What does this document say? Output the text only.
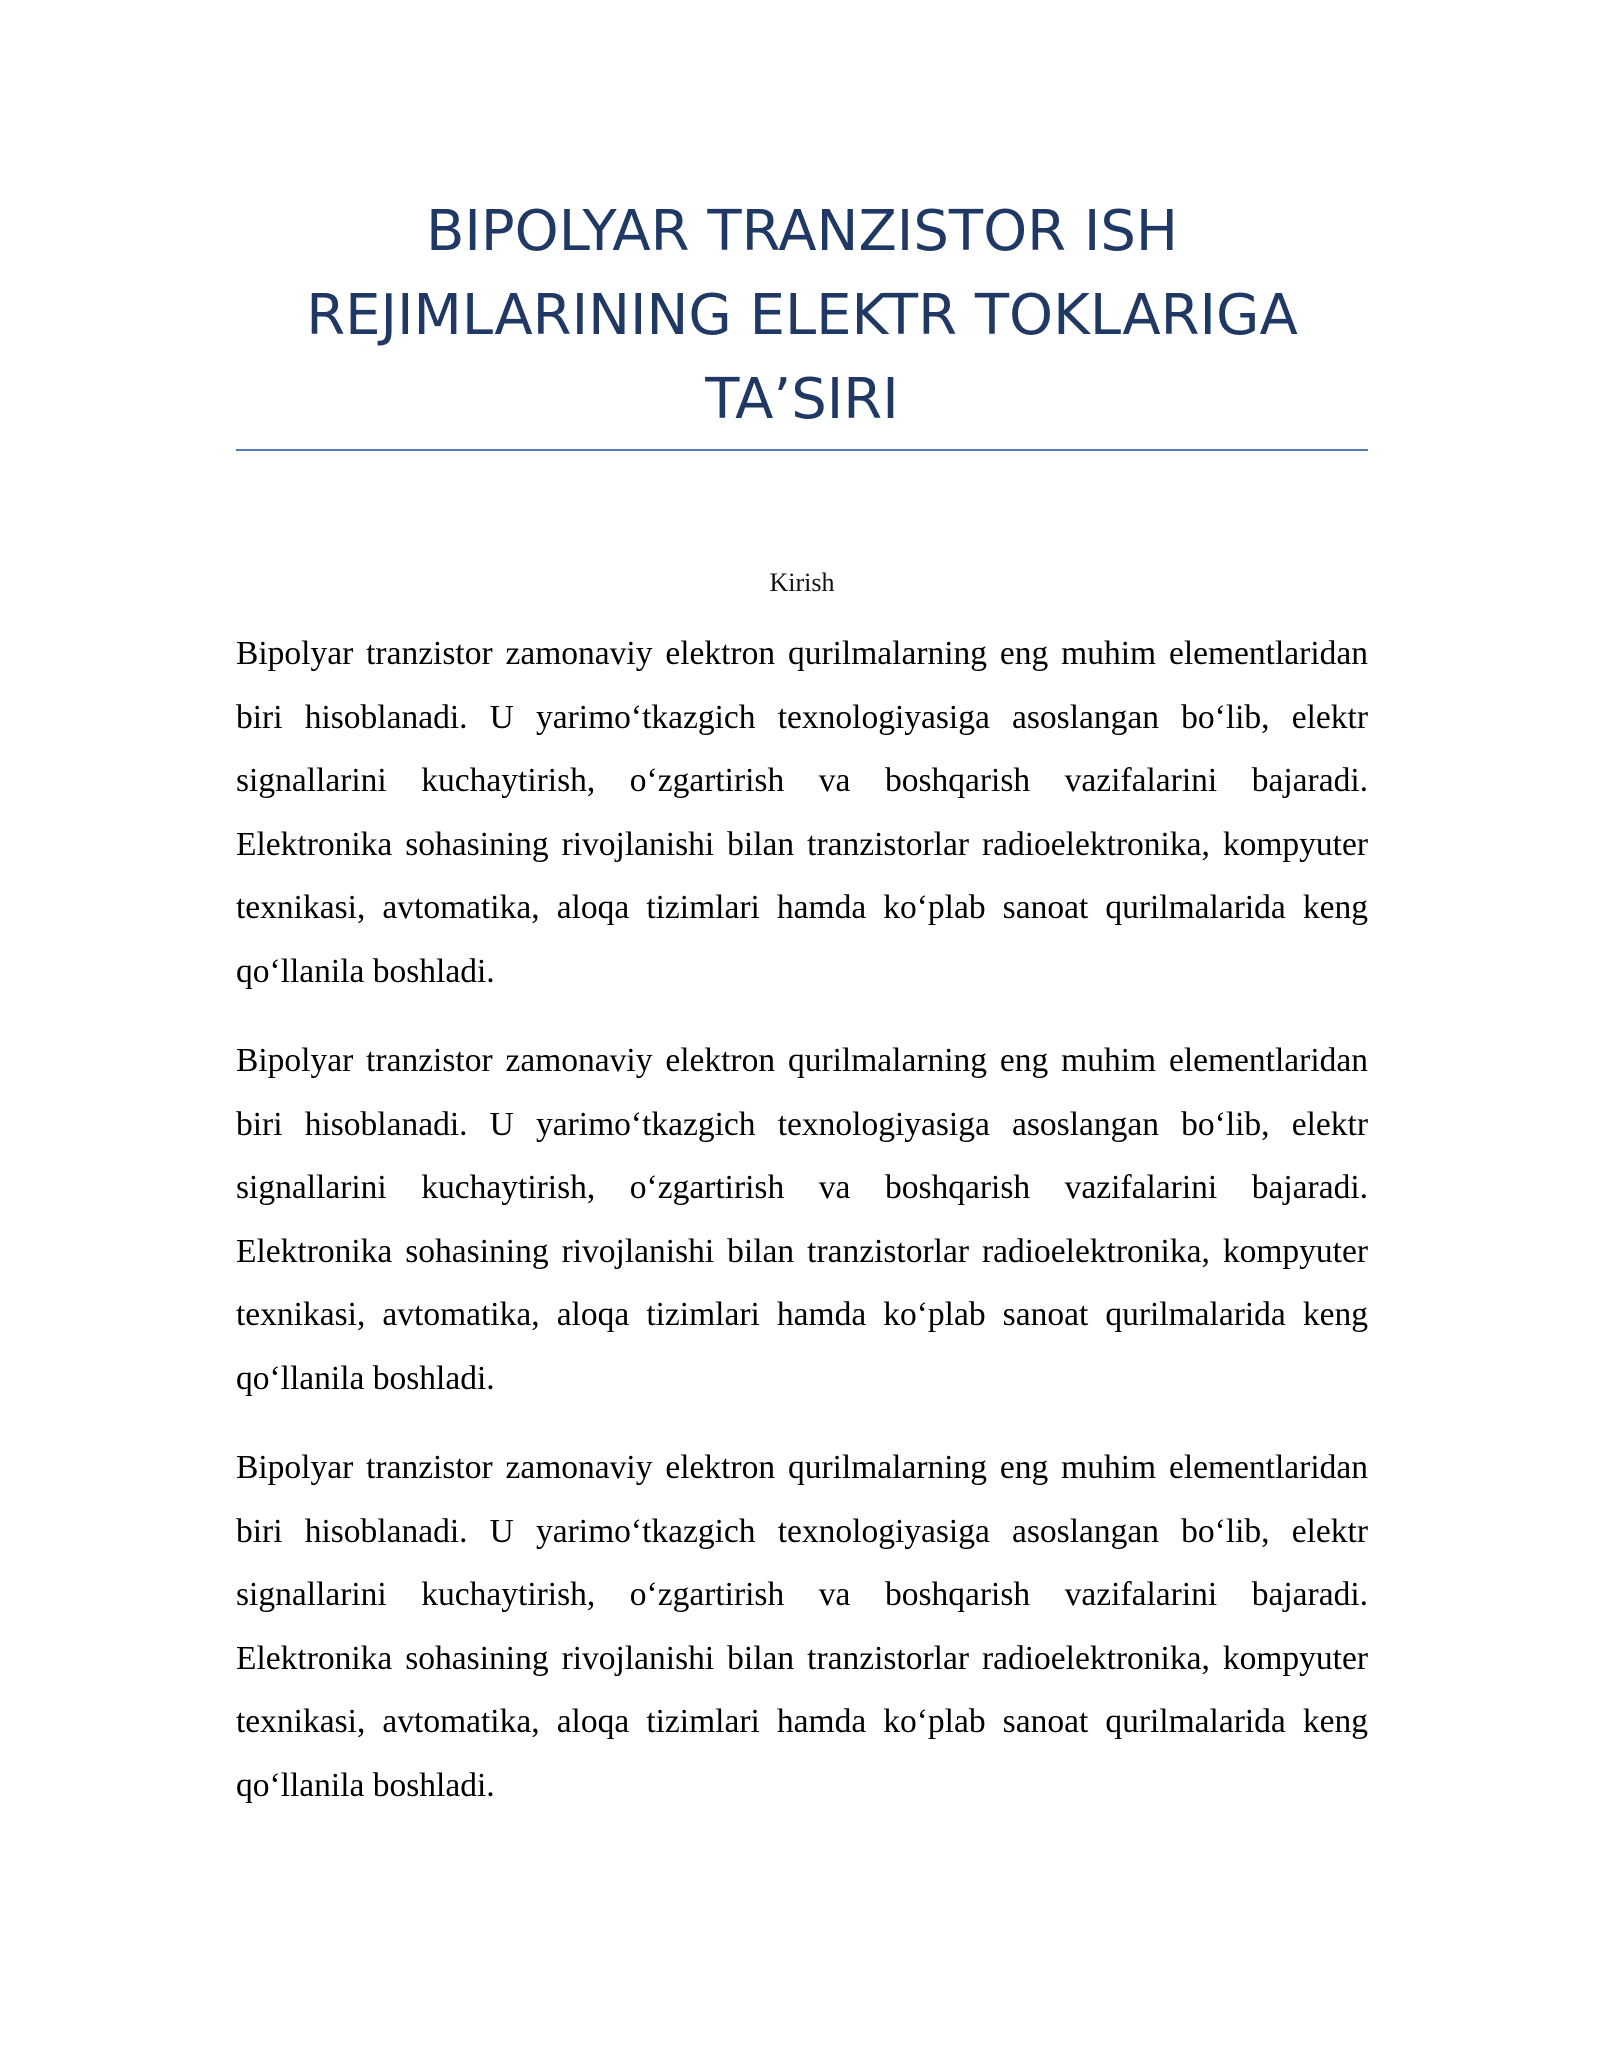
BIPOLYAR TRANZISTOR ISH REJIMLARINING ELEKTR TOKLARIGA TA’SIRI

Kirish

Bipolyar tranzistor zamonaviy elektron qurilmalarning eng muhim elementlaridan biri hisoblanadi. U yarimo‘tkazgich texnologiyasiga asoslangan bo‘lib, elektr signallarini kuchaytirish, o‘zgartirish va boshqarish vazifalarini bajaradi. Elektronika sohasining rivojlanishi bilan tranzistorlar radioelektronika, kompyuter texnikasi, avtomatika, aloqa tizimlari hamda ko‘plab sanoat qurilmalarida keng qo‘llanila boshladi.

Bipolyar tranzistor zamonaviy elektron qurilmalarning eng muhim elementlaridan biri hisoblanadi. U yarimo‘tkazgich texnologiyasiga asoslangan bo‘lib, elektr signallarini kuchaytirish, o‘zgartirish va boshqarish vazifalarini bajaradi. Elektronika sohasining rivojlanishi bilan tranzistorlar radioelektronika, kompyuter texnikasi, avtomatika, aloqa tizimlari hamda ko‘plab sanoat qurilmalarida keng qo‘llanila boshladi.

Bipolyar tranzistor zamonaviy elektron qurilmalarning eng muhim elementlaridan biri hisoblanadi. U yarimo‘tkazgich texnologiyasiga asoslangan bo‘lib, elektr signallarini kuchaytirish, o‘zgartirish va boshqarish vazifalarini bajaradi. Elektronika sohasining rivojlanishi bilan tranzistorlar radioelektronika, kompyuter texnikasi, avtomatika, aloqa tizimlari hamda ko‘plab sanoat qurilmalarida keng qo‘llanila boshladi.
